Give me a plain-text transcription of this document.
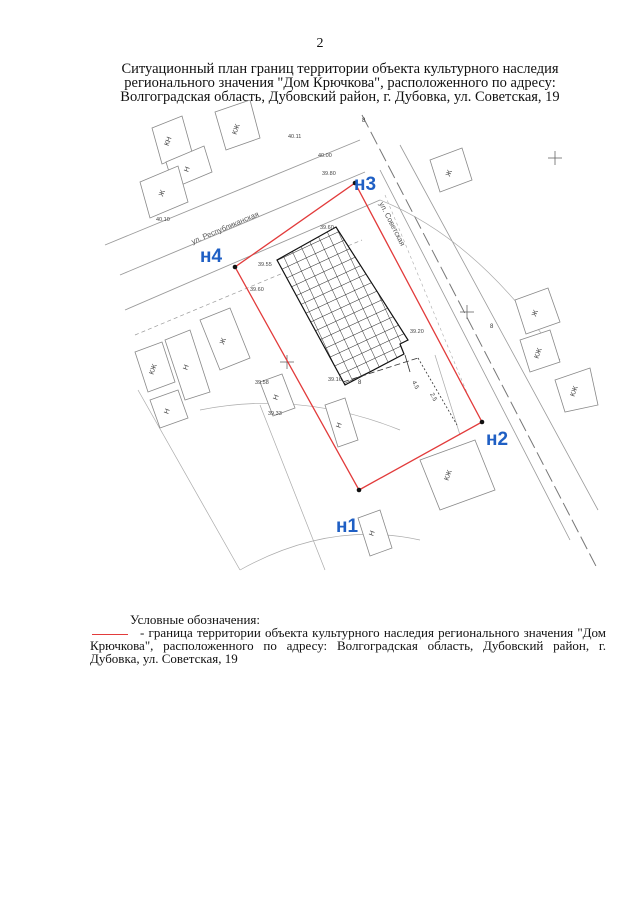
2
Ситуационный план границ территории объекта культурного наследия
регионального значения "Дом Крючкова", расположенного по адресу:
Волгоградская область, Дубовский район, г. Дубовка, ул. Советская, 19
КН
КЖ
Н
Ж
Ж
Ж
КЖ
КЖ
Ж
КЖ	Н
Н
Н
Н
КЖ
Н
ул. Республиканская	ул. Советская
4.5
2.5
8
8
8
40.11
40.00
39.80
40.10
39.60
39.55
39.60
39.20
39.16
39.58
39.33
н1
н2
н3
н4
Условные обозначения:
- граница территории объекта культурного наследия регионального значения "Дом Крючкова", расположенного по адресу: Волгоградская область, Дубовский район, г. Дубовка, ул. Советская, 19
